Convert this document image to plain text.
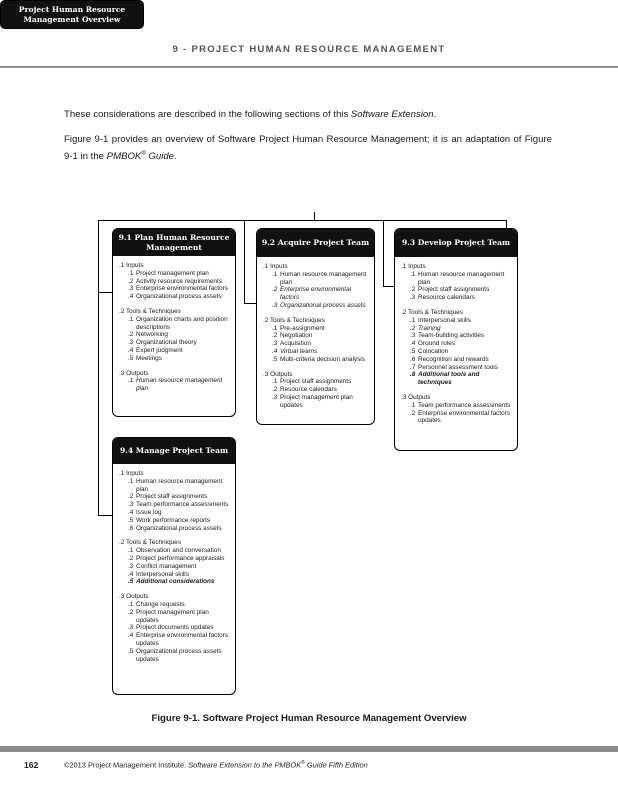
9 - PROJECT HUMAN RESOURCE MANAGEMENT

These considerations are described in the following sections of this Software Extension.

Figure 9-1 provides an overview of Software Project Human Resource Management; it is an adaptation of Figure 9-1 in the PMBOK® Guide.

Project Human Resource
Management Overview
9.1 Plan Human Resource Management
.1 Inputs
.1 Project management plan
.2 Activity resource requirements
.3 Enterprise environmental factors
.4 Organizational process assets
.2 Tools & Techniques
.1 Organization charts and position descriptions
.2 Networking
.3 Organizational theory
.4 Expert judgment
.5 Meetings
.3 Outputs
.1 Human resource management plan
9.2 Acquire Project Team
.1 Inputs
.1 Human resource management plan
.2 Enterprise environmental factors
.3 Organizational process assets
.2 Tools & Techniques
.1 Pre-assignment
.2 Negotiation
.3 Acquisition
.4 Virtual teams
.5 Multi-criteria decision analysis
.3 Outputs
.1 Project staff assignments
.2 Resource calendars
.3 Project management plan updates
9.3 Develop Project Team
.1 Inputs
.1 Human resource management plan
.2 Project staff assignments
.3 Resource calendars
.2 Tools & Techniques
.1 Interpersonal skills
.2 Training
.3 Team-building activities
.4 Ground rules
.5 Colocation
.6 Recognition and rewards
.7 Personnel assessment tools
.8 Additional tools and techniques
.3 Outputs
.1 Team performance assessments
.2 Enterprise environmental factors updates
9.4 Manage Project Team
.1 Inputs
.1 Human resource management plan
.2 Project staff assignments
.3 Team performance assessments
.4 Issue log
.5 Work performance reports
.6 Organizational process assets
.2 Tools & Techniques
.1 Observation and conversation
.2 Project performance appraisals
.3 Conflict management
.4 Interpersonal skills
.5 Additional considerations
.3 Outputs
.1 Change requests
.2 Project management plan updates
.3 Project documents updates
.4 Enterprise environmental factors updates
.5 Organizational process assets updates
Figure 9-1. Software Project Human Resource Management Overview
162	©2013 Project Management Institute. Software Extension to the PMBOK® Guide Fifth Edition
